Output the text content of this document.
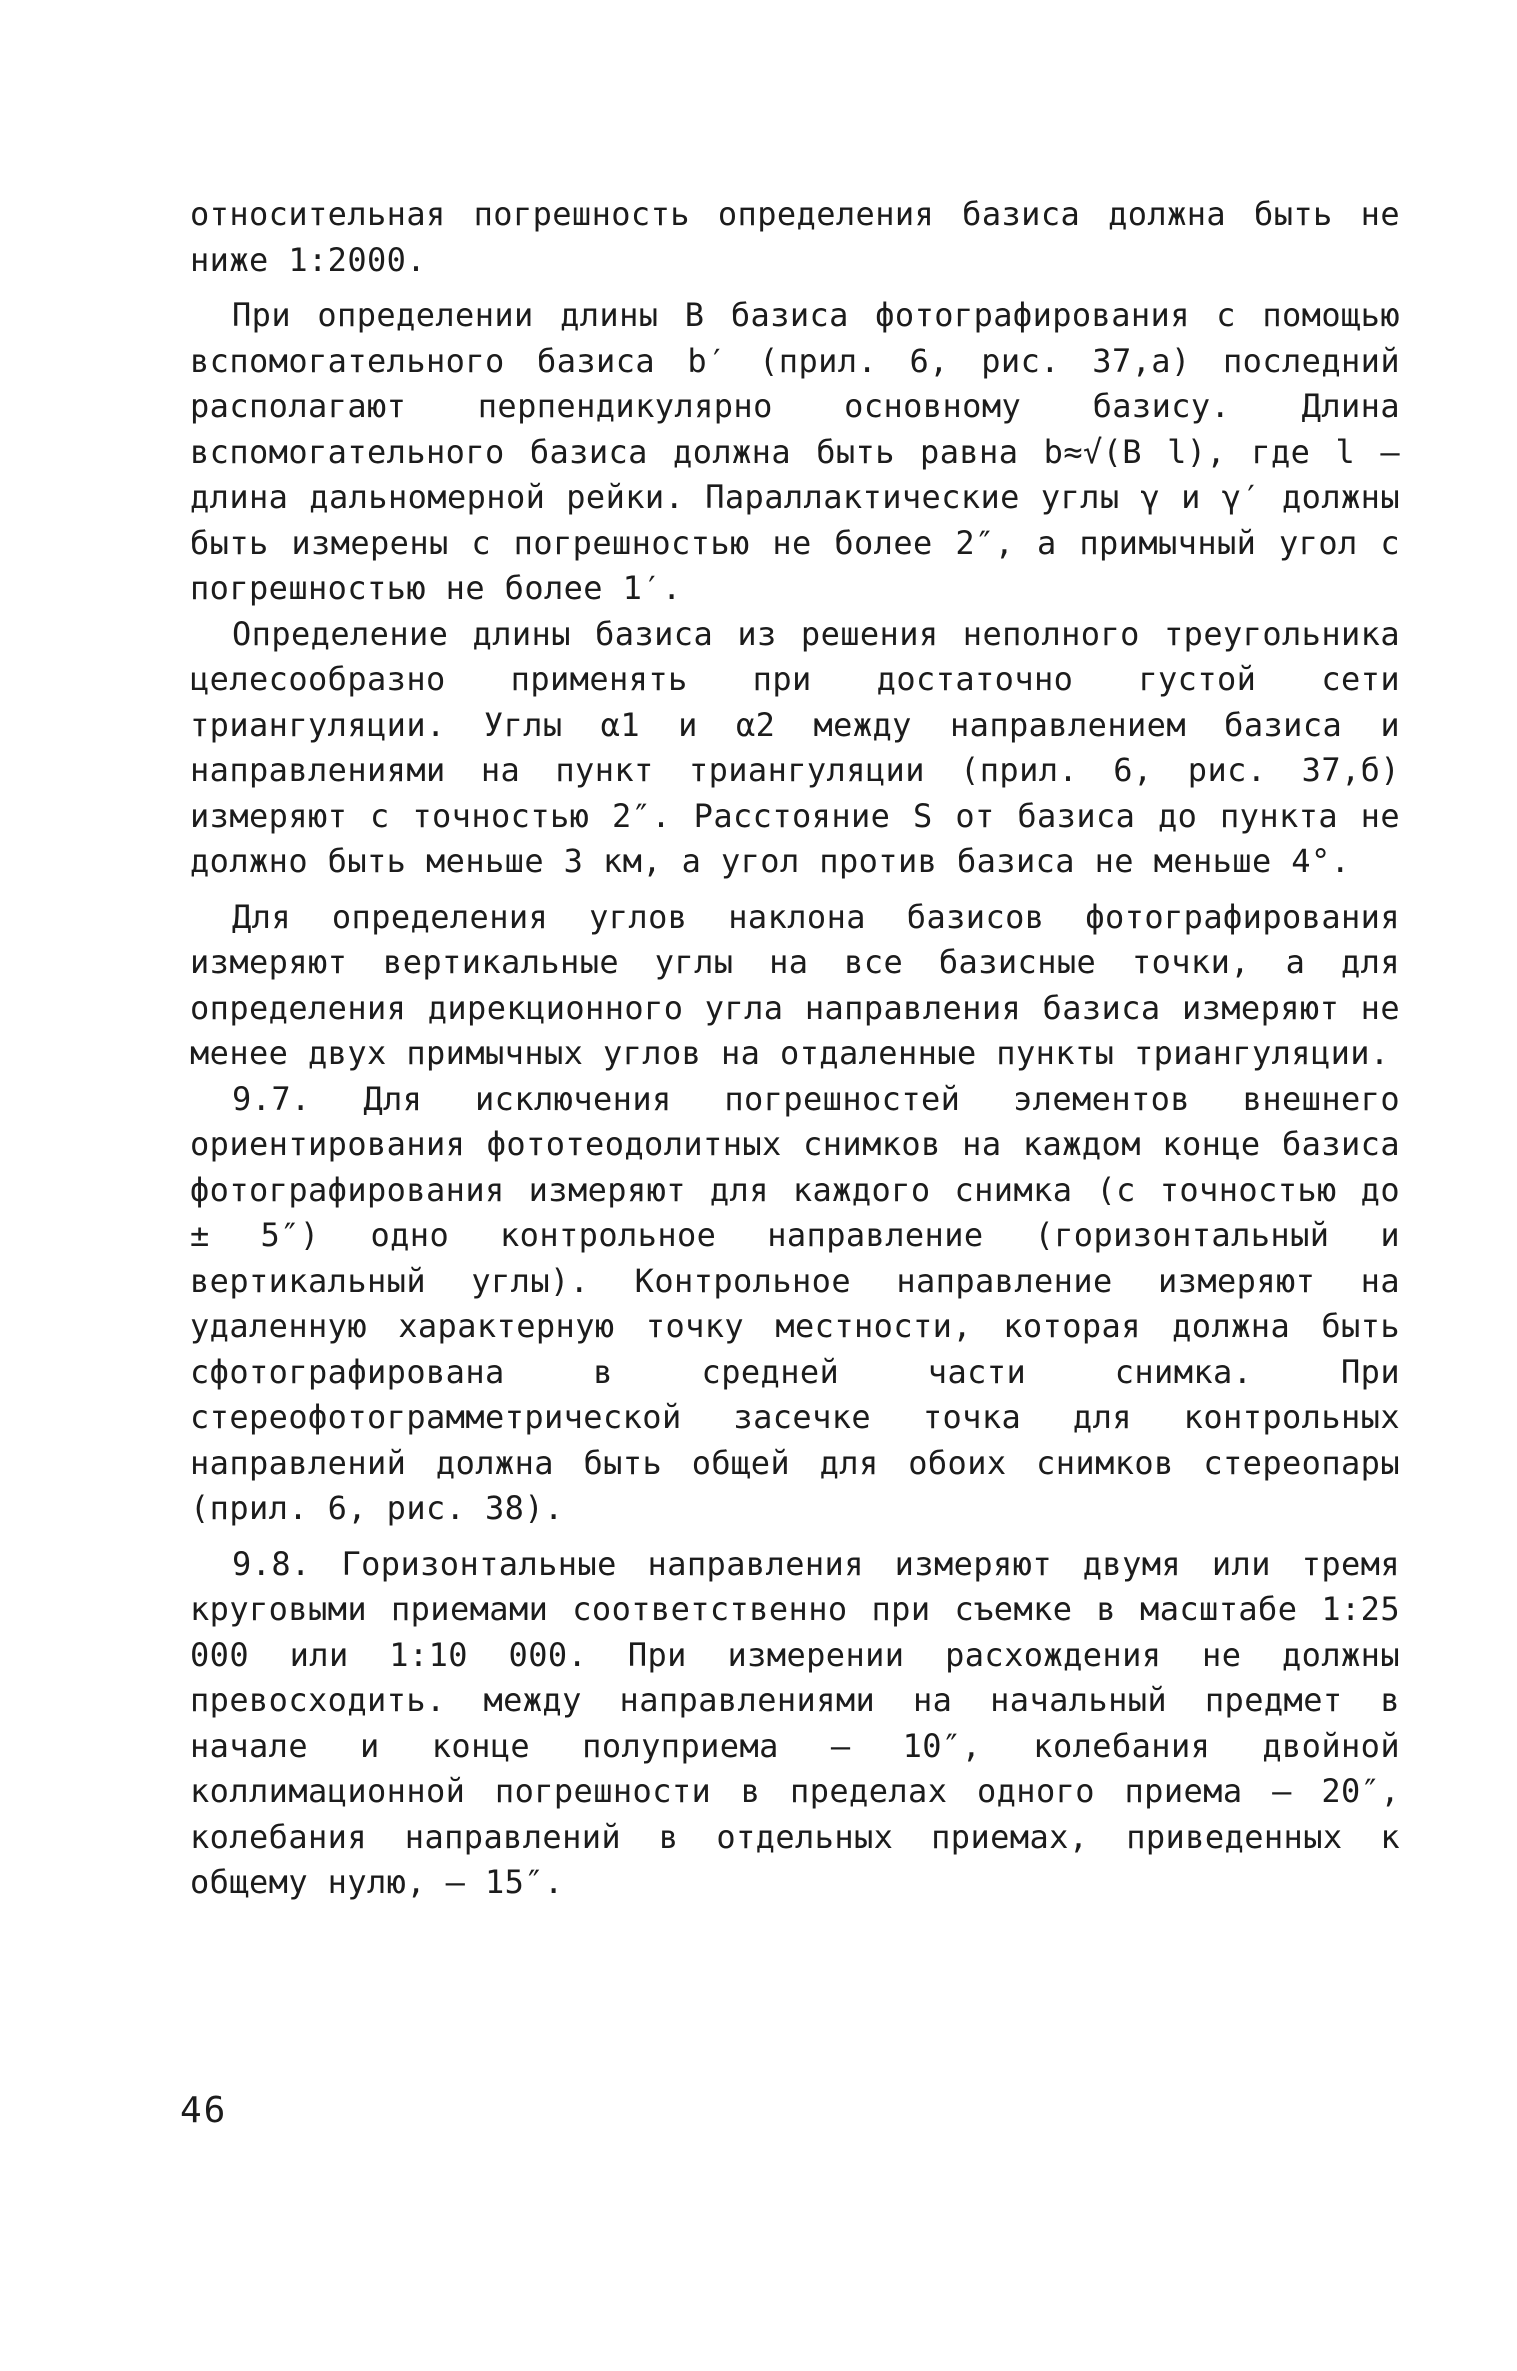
относительная погрешность определения базиса должна быть не ниже 1:2000.

При определении длины B базиса фотографирования с помощью вспомогательного базиса b′ (прил. 6, рис. 37,а) последний располагают перпендикулярно основному базису. Длина вспомогательного базиса должна быть равна b≈√(B l), где l – длина дальномерной рейки. Параллактические углы γ и γ′ должны быть измерены с погрешностью не более 2″, а примычный угол с погрешностью не более 1′.

Определение длины базиса из решения неполного треугольника целесообразно применять при достаточно густой сети триангуляции. Углы α1 и α2 между направлением базиса и направлениями на пункт триангуляции (прил. 6, рис. 37,б) измеряют с точностью 2″. Расстояние S от базиса до пункта не должно быть меньше 3 км, а угол против базиса не меньше 4°.

Для определения углов наклона базисов фотографирования измеряют вертикальные углы на все базисные точки, а для определения дирекционного угла направления базиса измеряют не менее двух примычных углов на отдаленные пункты триангуляции.

9.7. Для исключения погрешностей элементов внешнего ориентирования фототеодолитных снимков на каждом конце базиса фотографирования измеряют для каждого снимка (с точностью до ± 5″) одно контрольное направление (горизонтальный и вертикальный углы). Контрольное направление измеряют на удаленную характерную точку местности, которая должна быть сфотографирована в средней части снимка. При стереофотограмметрической засечке точка для контрольных направлений должна быть общей для обоих снимков стереопары (прил. 6, рис. 38).

9.8. Горизонтальные направления измеряют двумя или тремя круговыми приемами соответственно при съемке в масштабе 1:25 000 или 1:10 000. При измерении расхождения не должны превосходить. между направлениями на начальный предмет в начале и конце полуприема – 10″, колебания двойной коллимационной погрешности в пределах одного приема – 20″, колебания направлений в отдельных приемах, приведенных к общему нулю, – 15″.

46
